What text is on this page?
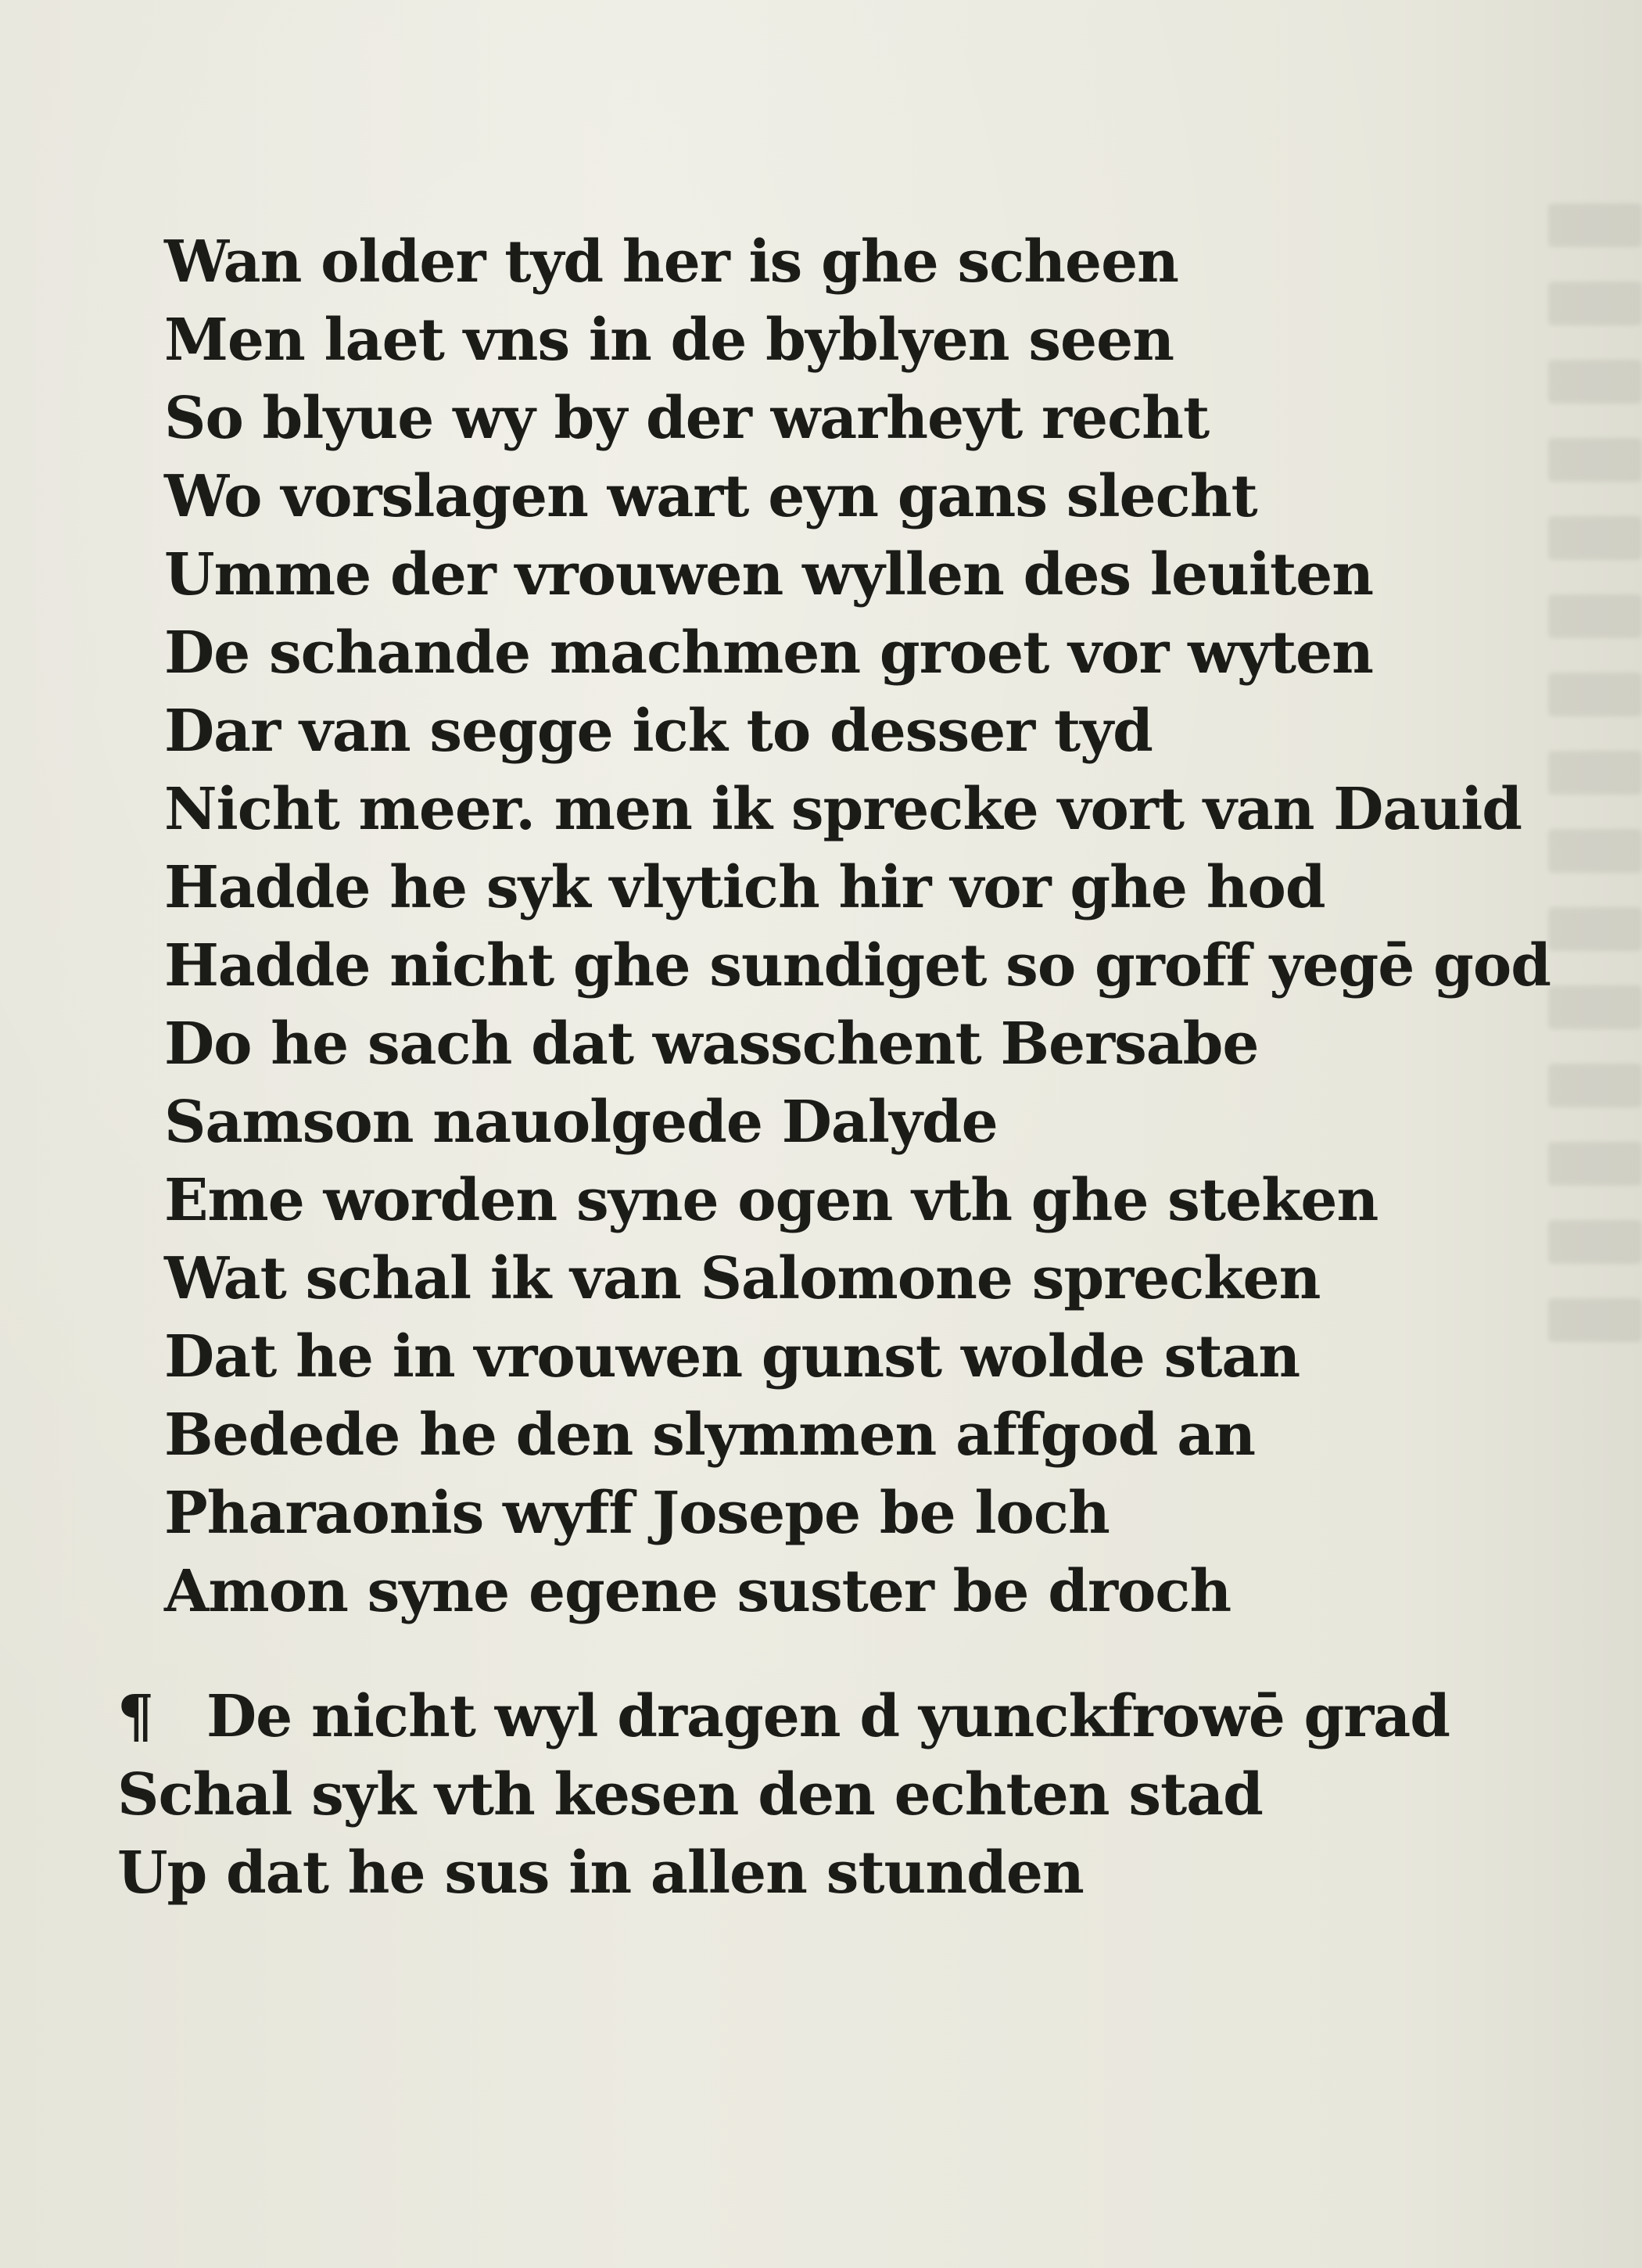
Wan older tyd her is ghe scheen
Men laet vns in de byblyen seen
So blyue wy by der warheyt recht
Wo vorslagen wart eyn gans slecht
Umme der vrouwen wyllen des leuiten
De schande machmen groet vor wyten
Dar van segge ick to desser tyd
Nicht meer. men ik sprecke vort van Dauid
Hadde he syk vlytich hir vor ghe hod
Hadde nicht ghe sundiget so groff yegē god
Do he sach dat wasschent Bersabe
Samson nauolgede Dalyde
Eme worden syne ogen vth ghe steken
Wat schal ik van Salomone sprecken
Dat he in vrouwen gunst wolde stan
Bedede he den slymmen affgod an
Pharaonis wyff Josepe be loch
Amon syne egene suster be droch
¶ De nicht wyl dragen d yunckfrowē grad
Schal syk vth kesen den echten stad
Up dat he sus in allen stunden
